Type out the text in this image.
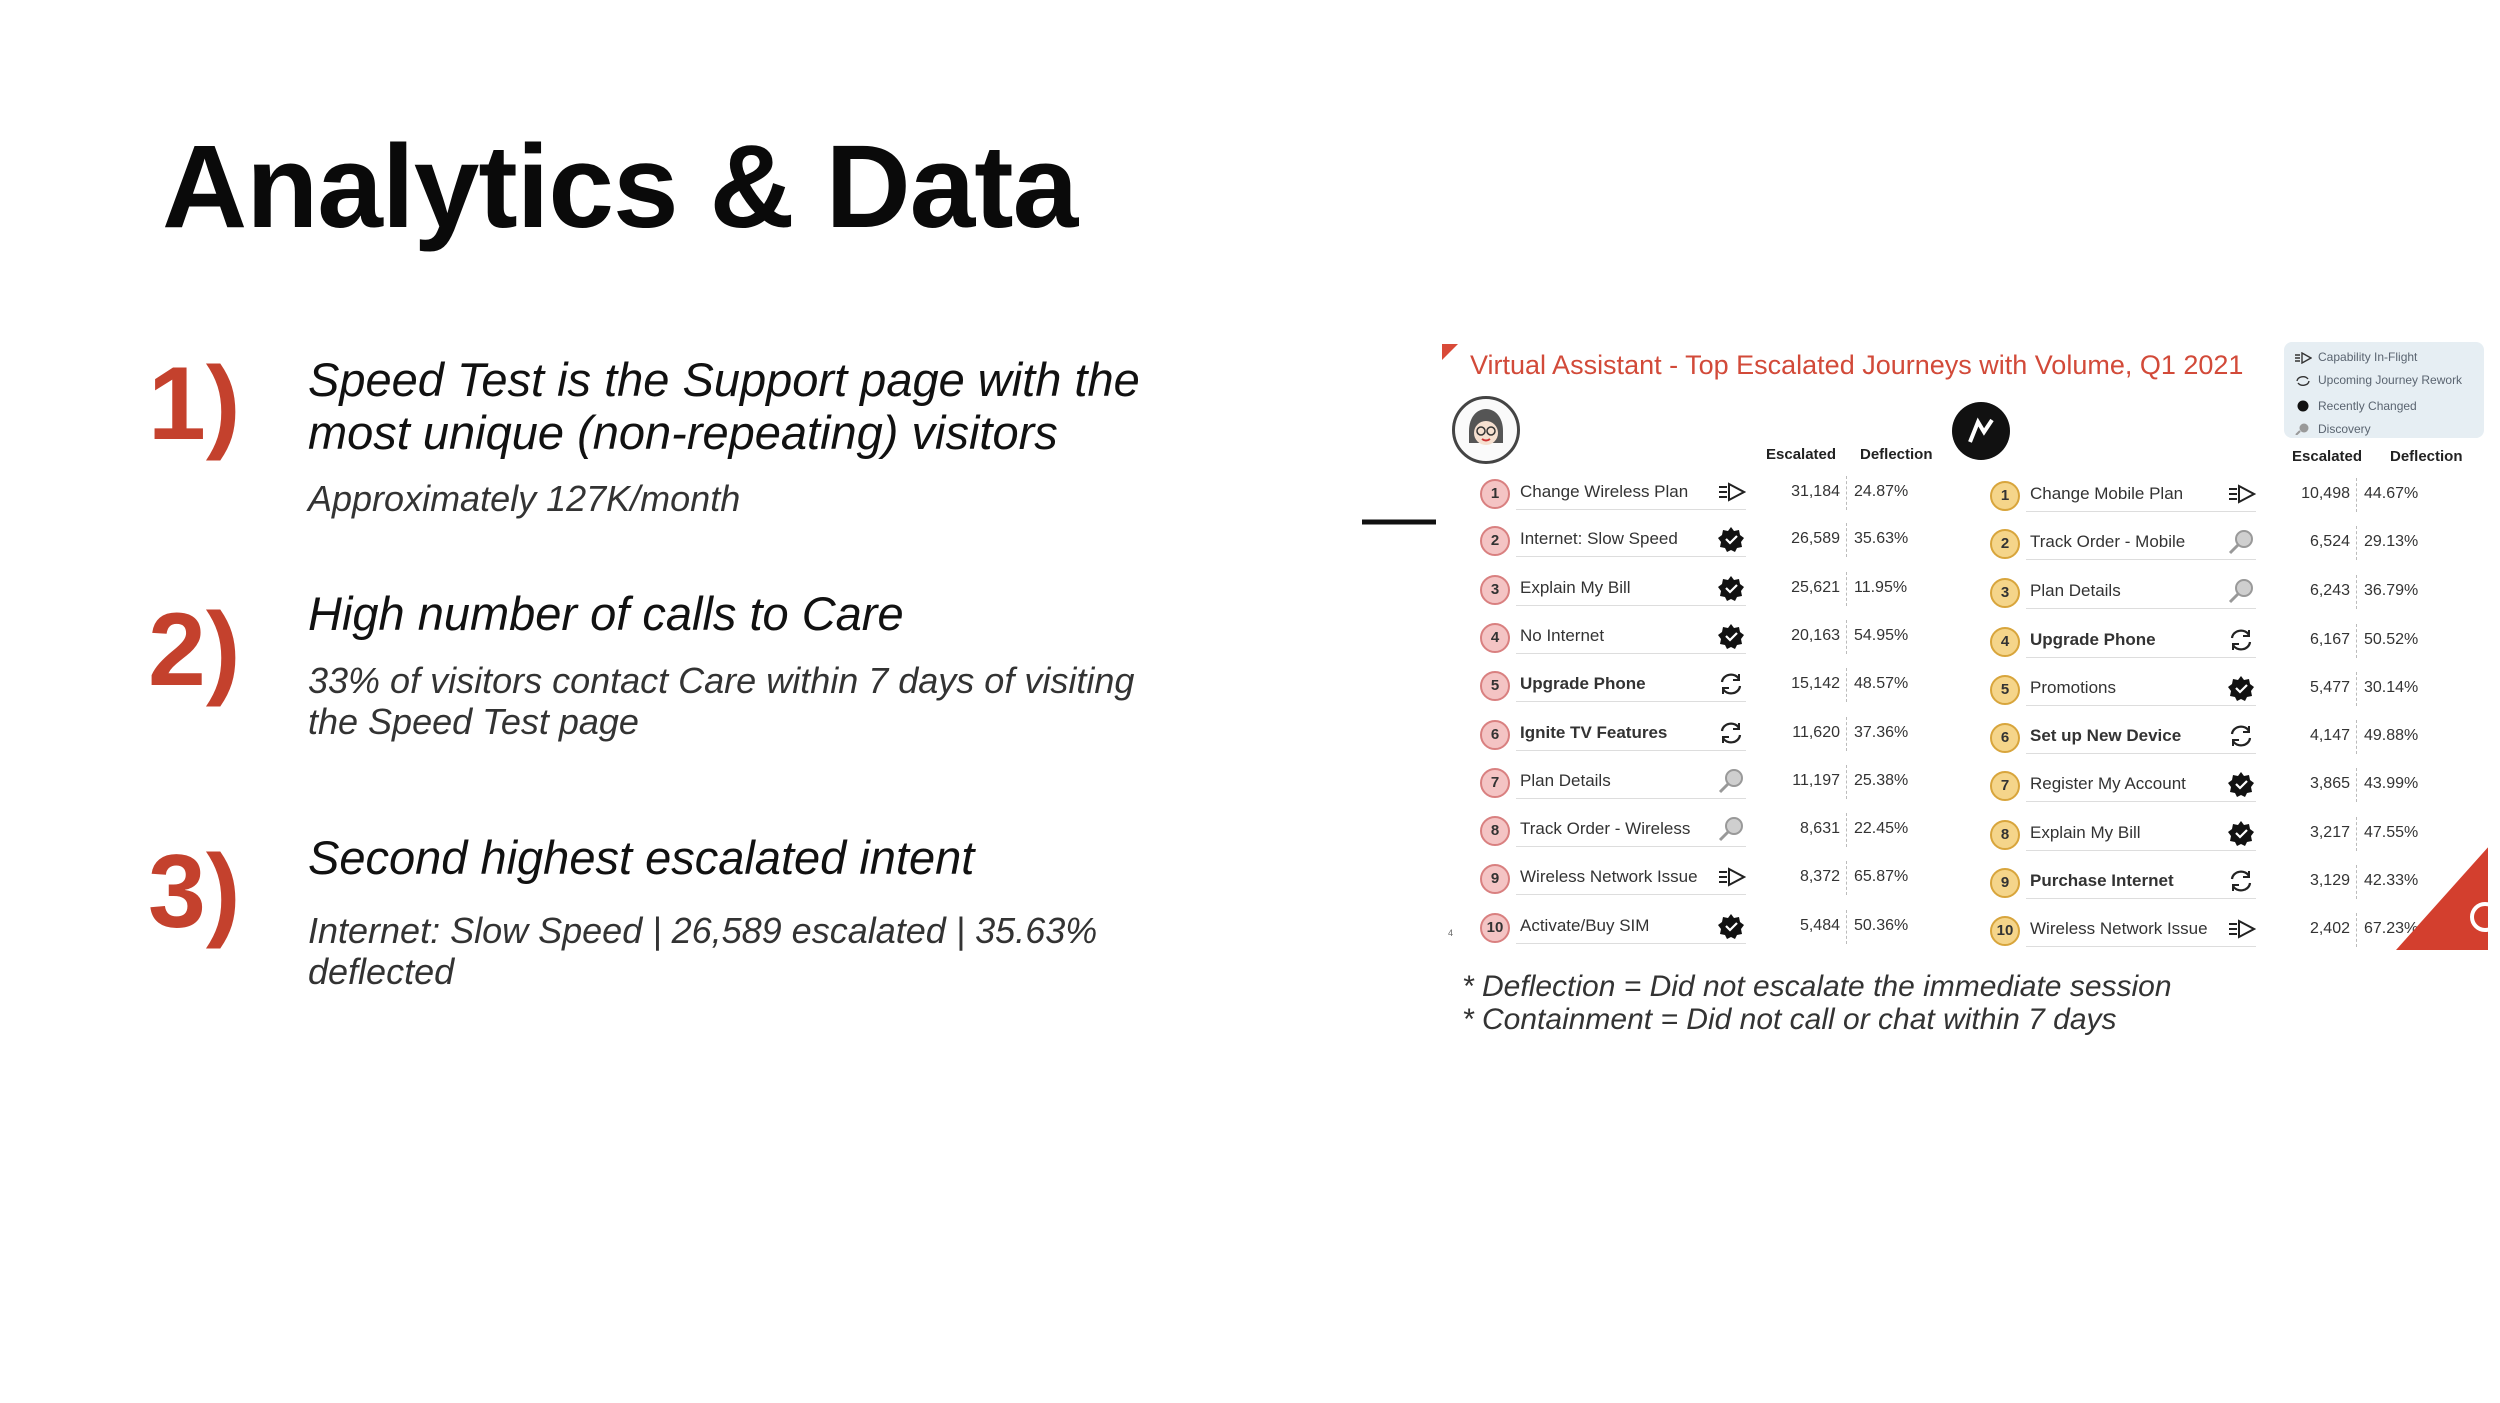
Analytics & Data
1) Speed Test is the Support page with the
most unique (non-repeating) visitors
Approximately 127K/month
2) High number of calls to Care
33% of visitors contact Care within 7 days of visiting
the Speed Test page
3) Second highest escalated intent
Internet: Slow Speed | 26,589 escalated | 35.63%
deflected
Virtual Assistant - Top Escalated Journeys with Volume, Q1 2021	Capability In-Flight
Upcoming Journey Rework
Recently Changed
Discovery
Escalated Deflection	Escalated Deflection
1	Change Wireless Plan	31,184 24.87%
2	Internet: Slow Speed	26,589 35.63%
3	Explain My Bill	25,621 11.95%
4	No Internet	20,163 54.95%
5	Upgrade Phone	15,142 48.57%
6	Ignite TV Features	11,620 37.36%
7	Plan Details	11,197 25.38%
8	Track Order - Wireless	8,631 22.45%
9	Wireless Network Issue	8,372 65.87%
10 Activate/Buy SIM	5,484 50.36%
1	Change Mobile Plan	10,498 44.67%
2	Track Order - Mobile	6,524 29.13%
3	Plan Details	6,243 36.79%
4	Upgrade Phone	6,167 50.52%
5	Promotions	5,477 30.14%
6	Set up New Device	4,147 49.88%
7	Register My Account	3,865 43.99%
8	Explain My Bill	3,217 47.55%
9	Purchase Internet	3,129 42.33%
10 Wireless Network Issue	2,402 67.23%
4
* Deflection = Did not escalate the immediate session
* Containment = Did not call or chat within 7 days
